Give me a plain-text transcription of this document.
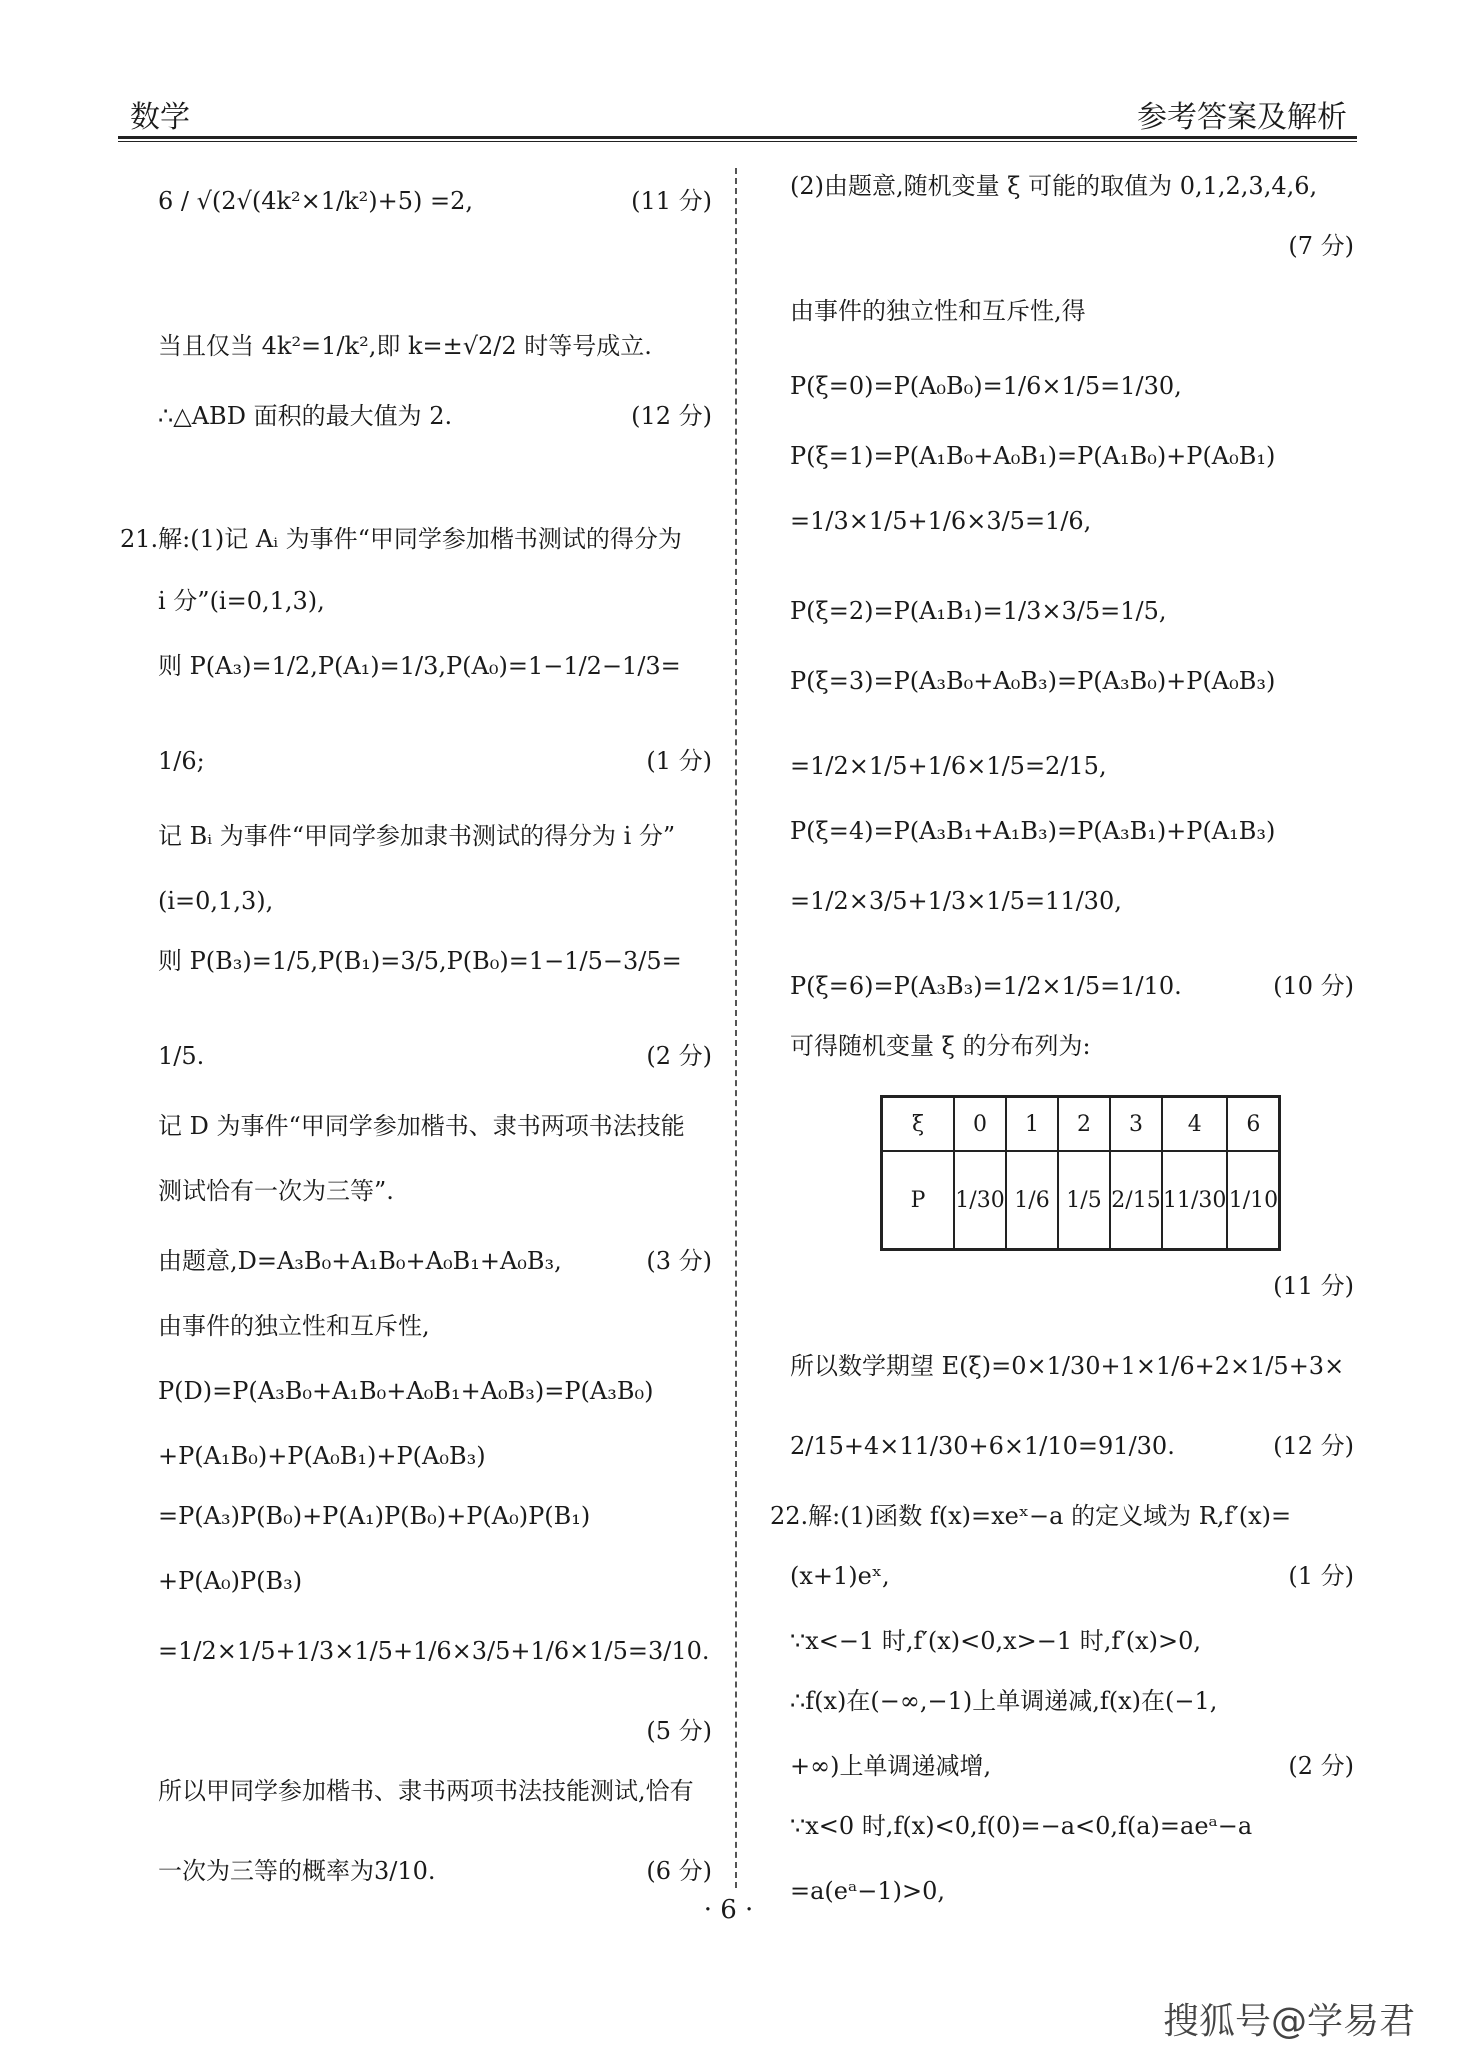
数学	参考答案及解析
6 / √(2√(4k²×1/k²)+5) =2,	(11 分)
当且仅当 4k²=1/k²,即 k=±√2/2 时等号成立.
∴△ABD 面积的最大值为 2.	(12 分)
21.解:(1)记 Aᵢ 为事件“甲同学参加楷书测试的得分为
i 分”(i=0,1,3),
则 P(A₃)=1/2,P(A₁)=1/3,P(A₀)=1−1/2−1/3=
1/6;	(1 分)
记 Bᵢ 为事件“甲同学参加隶书测试的得分为 i 分”
(i=0,1,3),
则 P(B₃)=1/5,P(B₁)=3/5,P(B₀)=1−1/5−3/5=
1/5.	(2 分)
记 D 为事件“甲同学参加楷书、隶书两项书法技能
测试恰有一次为三等”.
由题意,D=A₃B₀+A₁B₀+A₀B₁+A₀B₃,	(3 分)
由事件的独立性和互斥性,
P(D)=P(A₃B₀+A₁B₀+A₀B₁+A₀B₃)=P(A₃B₀)
+P(A₁B₀)+P(A₀B₁)+P(A₀B₃)
=P(A₃)P(B₀)+P(A₁)P(B₀)+P(A₀)P(B₁)
+P(A₀)P(B₃)
=1/2×1/5+1/3×1/5+1/6×3/5+1/6×1/5=3/10.
(5 分)
所以甲同学参加楷书、隶书两项书法技能测试,恰有
一次为三等的概率为3/10.	(6 分)
(2)由题意,随机变量 ξ 可能的取值为 0,1,2,3,4,6,
(7 分)
由事件的独立性和互斥性,得
P(ξ=0)=P(A₀B₀)=1/6×1/5=1/30,
P(ξ=1)=P(A₁B₀+A₀B₁)=P(A₁B₀)+P(A₀B₁)
=1/3×1/5+1/6×3/5=1/6,
P(ξ=2)=P(A₁B₁)=1/3×3/5=1/5,
P(ξ=3)=P(A₃B₀+A₀B₃)=P(A₃B₀)+P(A₀B₃)
=1/2×1/5+1/6×1/5=2/15,
P(ξ=4)=P(A₃B₁+A₁B₃)=P(A₃B₁)+P(A₁B₃)
=1/2×3/5+1/3×1/5=11/30,
P(ξ=6)=P(A₃B₃)=1/2×1/5=1/10.	(10 分)
可得随机变量 ξ 的分布列为:
(11 分)
所以数学期望 E(ξ)=0×1/30+1×1/6+2×1/5+3×
2/15+4×11/30+6×1/10=91/30.	(12 分)
22.解:(1)函数 f(x)=xeˣ−a 的定义域为 R,f′(x)=
(x+1)eˣ,	(1 分)
∵x<−1 时,f′(x)<0,x>−1 时,f′(x)>0,
∴f(x)在(−∞,−1)上单调递减,f(x)在(−1,
+∞)上单调递减增,	(2 分)
∵x<0 时,f(x)<0,f(0)=−a<0,f(a)=aeᵃ−a
=a(eᵃ−1)>0,
ξ	0	1	2	3	4	6
P	1/30	1/6	1/5	2/15	11/30	1/10
· 6 ·
搜狐号@学易君
